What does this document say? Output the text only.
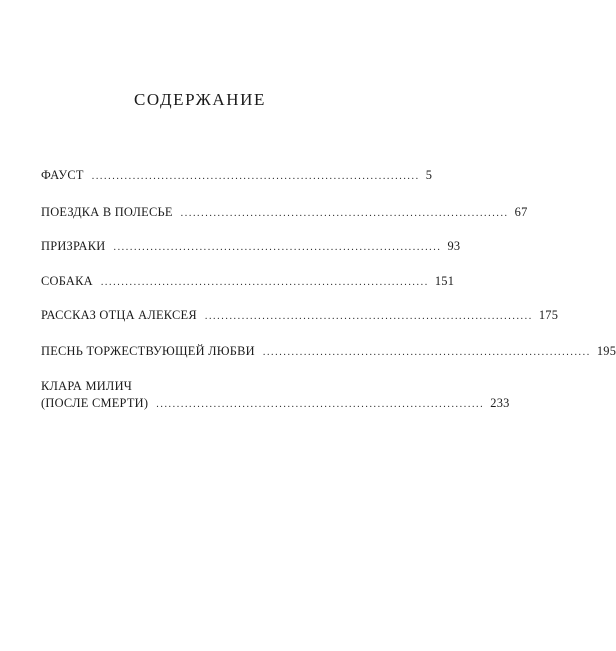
СОДЕРЖАНИЕ
ФАУСТ ................................................................................ 5
ПОЕЗДКА В ПОЛЕСЬЕ ................................................................................ 67
ПРИЗРАКИ ................................................................................ 93
СОБАКА ................................................................................ 151
РАССКАЗ ОТЦА АЛЕКСЕЯ ................................................................................ 175
ПЕСНЬ ТОРЖЕСТВУЮЩЕЙ ЛЮБВИ ................................................................................ 195
КЛАРА МИЛИЧ
(ПОСЛЕ СМЕРТИ) ................................................................................ 233
